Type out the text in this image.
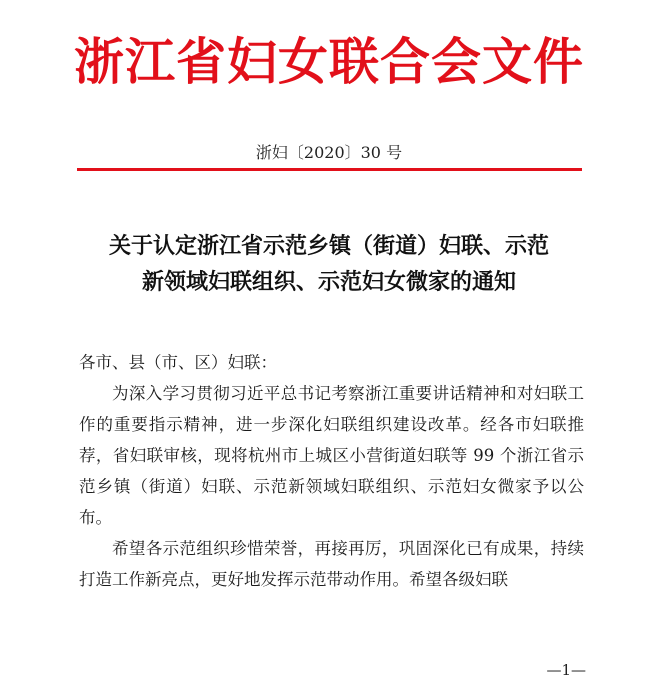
浙江省妇女联合会文件
浙妇〔2020〕30 号
关于认定浙江省示范乡镇（街道）妇联、示范
新领域妇联组织、示范妇女微家的通知

各市、县（市、区）妇联：

为深入学习贯彻习近平总书记考察浙江重要讲话精神和对妇联工作的重要指示精神，进一步深化妇联组织建设改革。经各市妇联推荐，省妇联审核，现将杭州市上城区小营街道妇联等 99 个浙江省示范乡镇（街道）妇联、示范新领域妇联组织、示范妇女微家予以公布。

希望各示范组织珍惜荣誉，再接再厉，巩固深化已有成果，持续打造工作新亮点，更好地发挥示范带动作用。希望各级妇联

—1—
